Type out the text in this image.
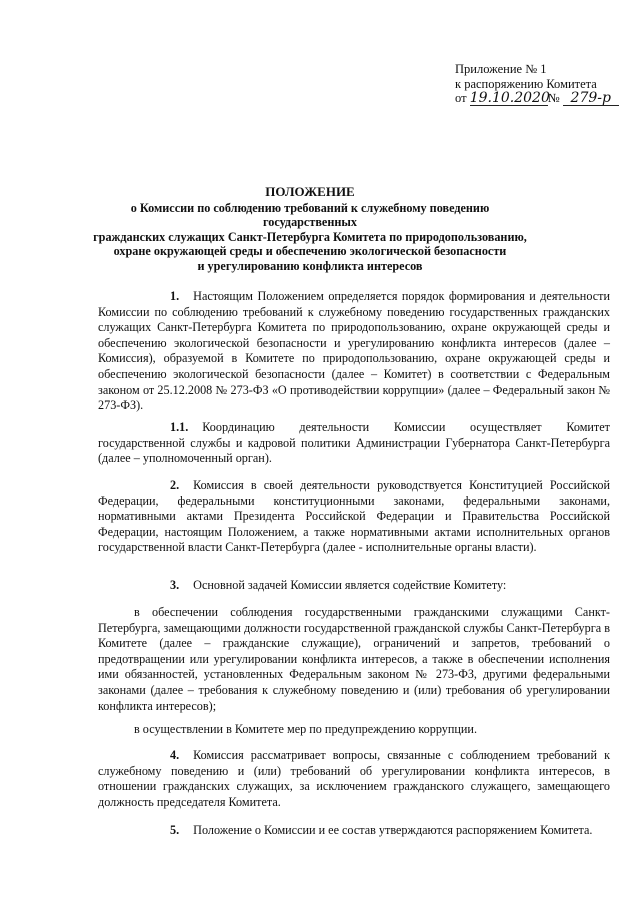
Приложение № 1
к распоряжению Комитета
от 19.10.2020№ 279-р
ПОЛОЖЕНИЕ
о Комиссии по соблюдению требований к служебному поведению государственных
гражданских служащих Санкт-Петербурга Комитета по природопользованию,
охране окружающей среды и обеспечению экологической безопасности
и урегулированию конфликта интересов
1. Настоящим Положением определяется порядок формирования и деятельности Комиссии по соблюдению требований к служебному поведению государственных гражданских служащих Санкт-Петербурга Комитета по природопользованию, охране окружающей среды и обеспечению экологической безопасности и урегулированию конфликта интересов (далее – Комиссия), образуемой в Комитете по природопользованию, охране окружающей среды и обеспечению экологической безопасности (далее – Комитет) в соответствии с Федеральным законом от 25.12.2008 № 273-ФЗ «О противодействии коррупции» (далее – Федеральный закон № 273-ФЗ).
1.1. Координацию деятельности Комиссии осуществляет Комитет государственной службы и кадровой политики Администрации Губернатора Санкт-Петербурга (далее – уполномоченный орган).
2. Комиссия в своей деятельности руководствуется Конституцией Российской Федерации, федеральными конституционными законами, федеральными законами, нормативными актами Президента Российской Федерации и Правительства Российской Федерации, настоящим Положением, а также нормативными актами исполнительных органов государственной власти Санкт-Петербурга (далее - исполнительные органы власти).
3. Основной задачей Комиссии является содействие Комитету:
в обеспечении соблюдения государственными гражданскими служащими Санкт-Петербурга, замещающими должности государственной гражданской службы Санкт-Петербурга в Комитете (далее – гражданские служащие), ограничений и запретов, требований о предотвращении или урегулировании конфликта интересов, а также в обеспечении исполнения ими обязанностей, установленных Федеральным законом № 273-ФЗ, другими федеральными законами (далее – требования к служебному поведению и (или) требования об урегулировании конфликта интересов);
в осуществлении в Комитете мер по предупреждению коррупции.
4. Комиссия рассматривает вопросы, связанные с соблюдением требований к служебному поведению и (или) требований об урегулировании конфликта интересов, в отношении гражданских служащих, за исключением гражданского служащего, замещающего должность председателя Комитета.
5. Положение о Комиссии и ее состав утверждаются распоряжением Комитета.
